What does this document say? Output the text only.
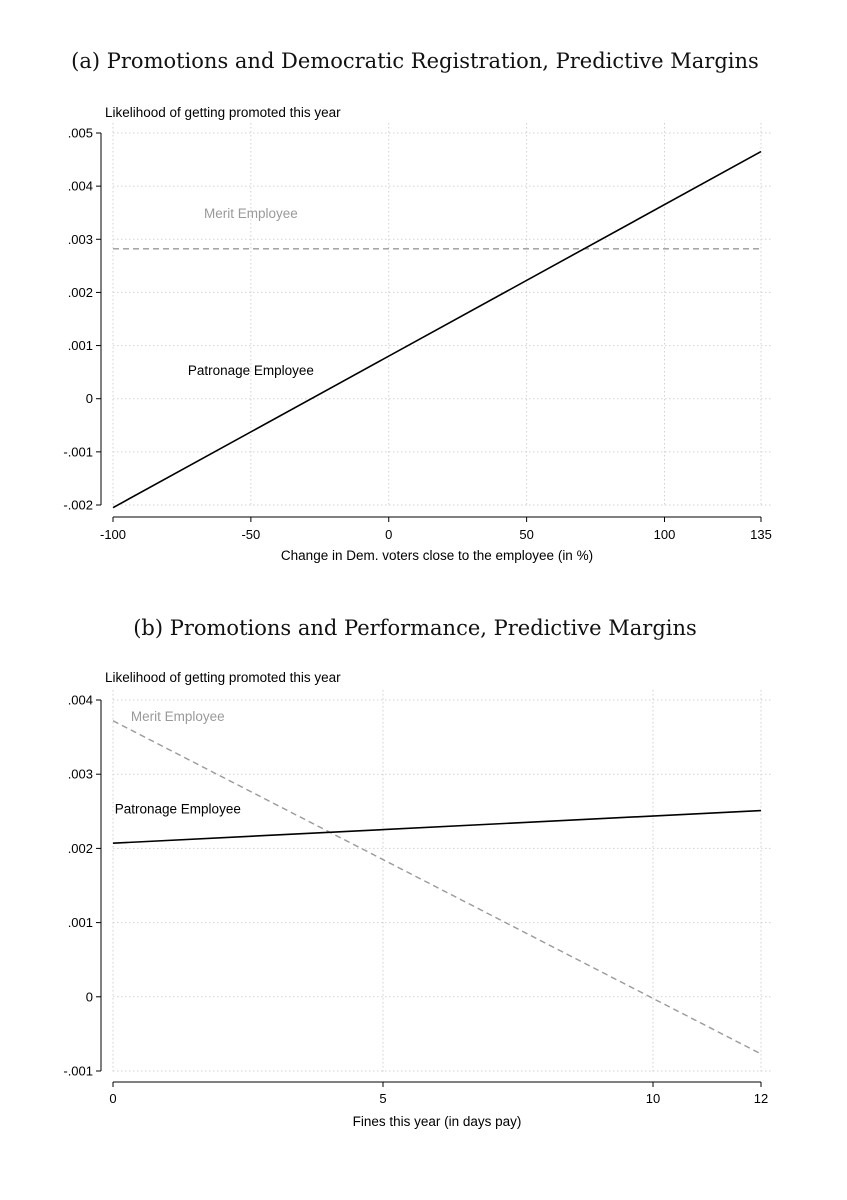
(a) Promotions and Democratic Registration, Predictive Margins
Likelihood of getting promoted this year
Change in Dem. voters close to the employee (in %)
-.002
-.001
0
.001
.002
.003
.004
.005
-100	-50	0	50	100	135
Merit Employee
Patronage Employee
(b) Promotions and Performance, Predictive Margins
Likelihood of getting promoted this year
Fines this year (in days pay)
-.001
0
.001
.002
.003
.004
0	5	10	12
Merit Employee
Patronage Employee
